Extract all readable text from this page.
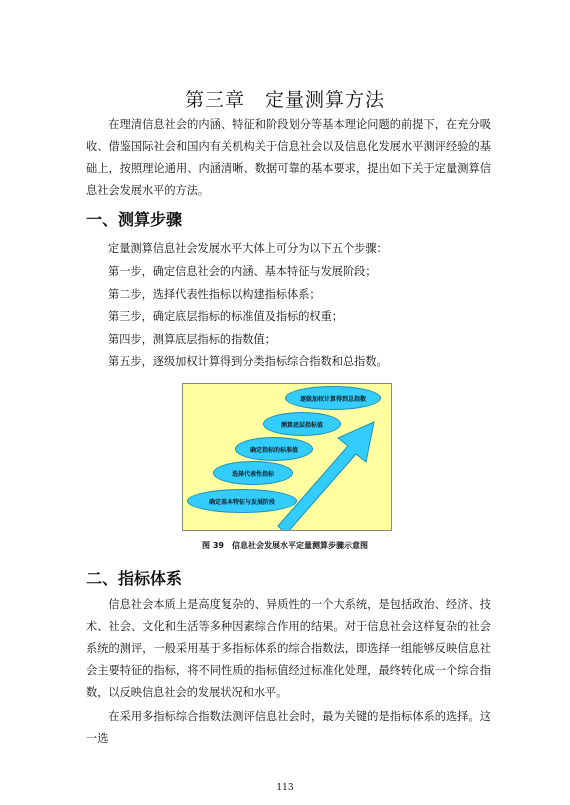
第三章　定量测算方法

在理清信息社会的内涵、特征和阶段划分等基本理论问题的前提下，在充分吸收、借鉴国际社会和国内有关机构关于信息社会以及信息化发展水平测评经验的基础上，按照理论通用、内涵清晰、数据可靠的基本要求，提出如下关于定量测算信息社会发展水平的方法。

一、测算步骤

定量测算信息社会发展水平大体上可分为以下五个步骤：

第一步，确定信息社会的内涵、基本特征与发展阶段；

第二步，选择代表性指标以构建指标体系；

第三步，确定底层指标的标准值及指标的权重；

第四步，测算底层指标的指数值；

第五步，逐级加权计算得到分类指标综合指数和总指数。

确定基本特征与发展阶段
选择代表性指标
确定指标的标准值
测算底层指标值
逐级加权计算得到总指数
图 39　信息社会发展水平定量测算步骤示意图
二、指标体系

信息社会本质上是高度复杂的、异质性的一个大系统，是包括政治、经济、技术、社会、文化和生活等多种因素综合作用的结果。对于信息社会这样复杂的社会系统的测评，一般采用基于多指标体系的综合指数法，即选择一组能够反映信息社会主要特征的指标，将不同性质的指标值经过标准化处理，最终转化成一个综合指数，以反映信息社会的发展状况和水平。

在采用多指标综合指数法测评信息社会时，最为关键的是指标体系的选择。这一选

113
